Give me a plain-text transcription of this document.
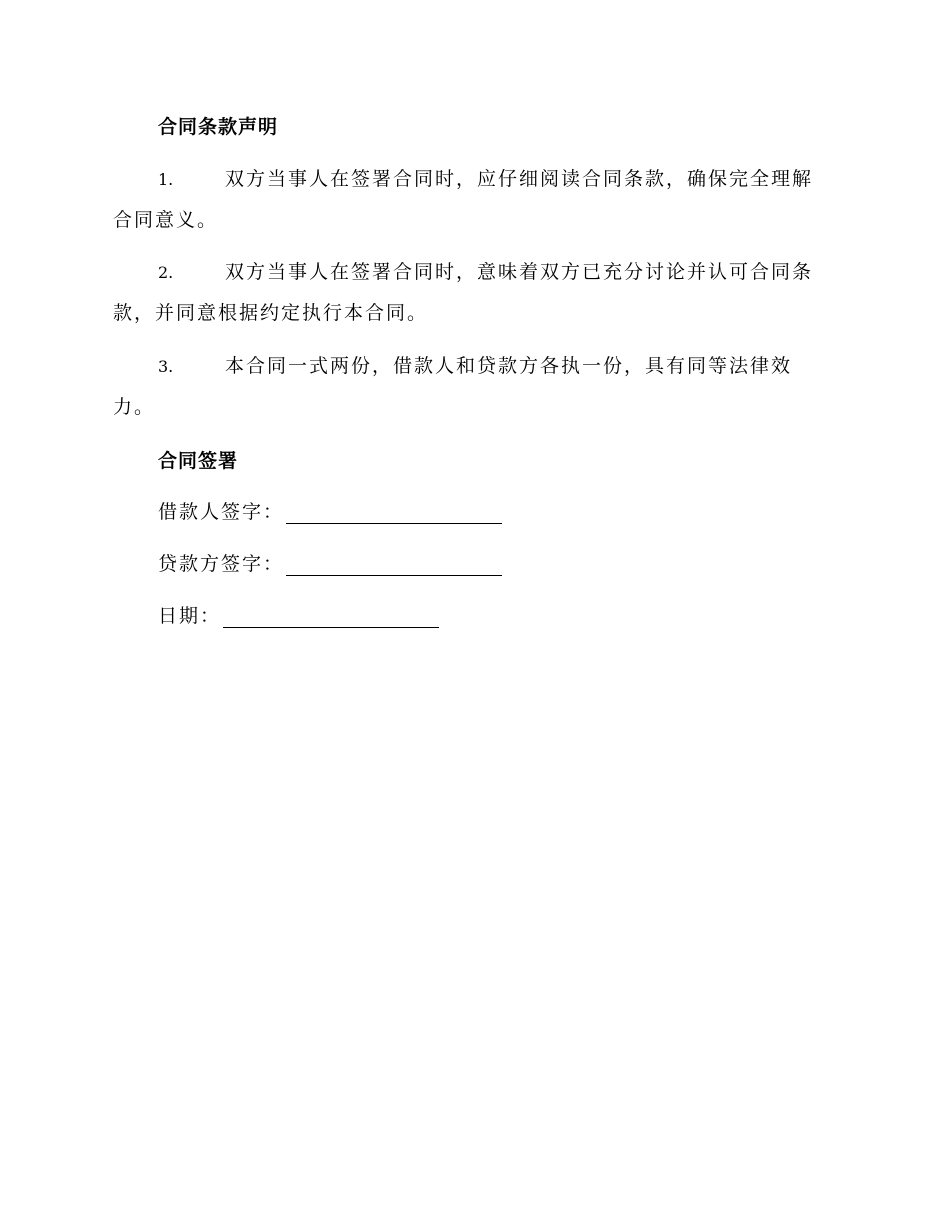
合同条款声明
1.	双方当事人在签署合同时，应仔细阅读合同条款，确保完全理解合同意义。
2.	双方当事人在签署合同时，意味着双方已充分讨论并认可合同条款，并同意根据约定执行本合同。
3.	本合同一式两份，借款人和贷款方各执一份，具有同等法律效力。
合同签署
借款人签字：
贷款方签字：
日期：
